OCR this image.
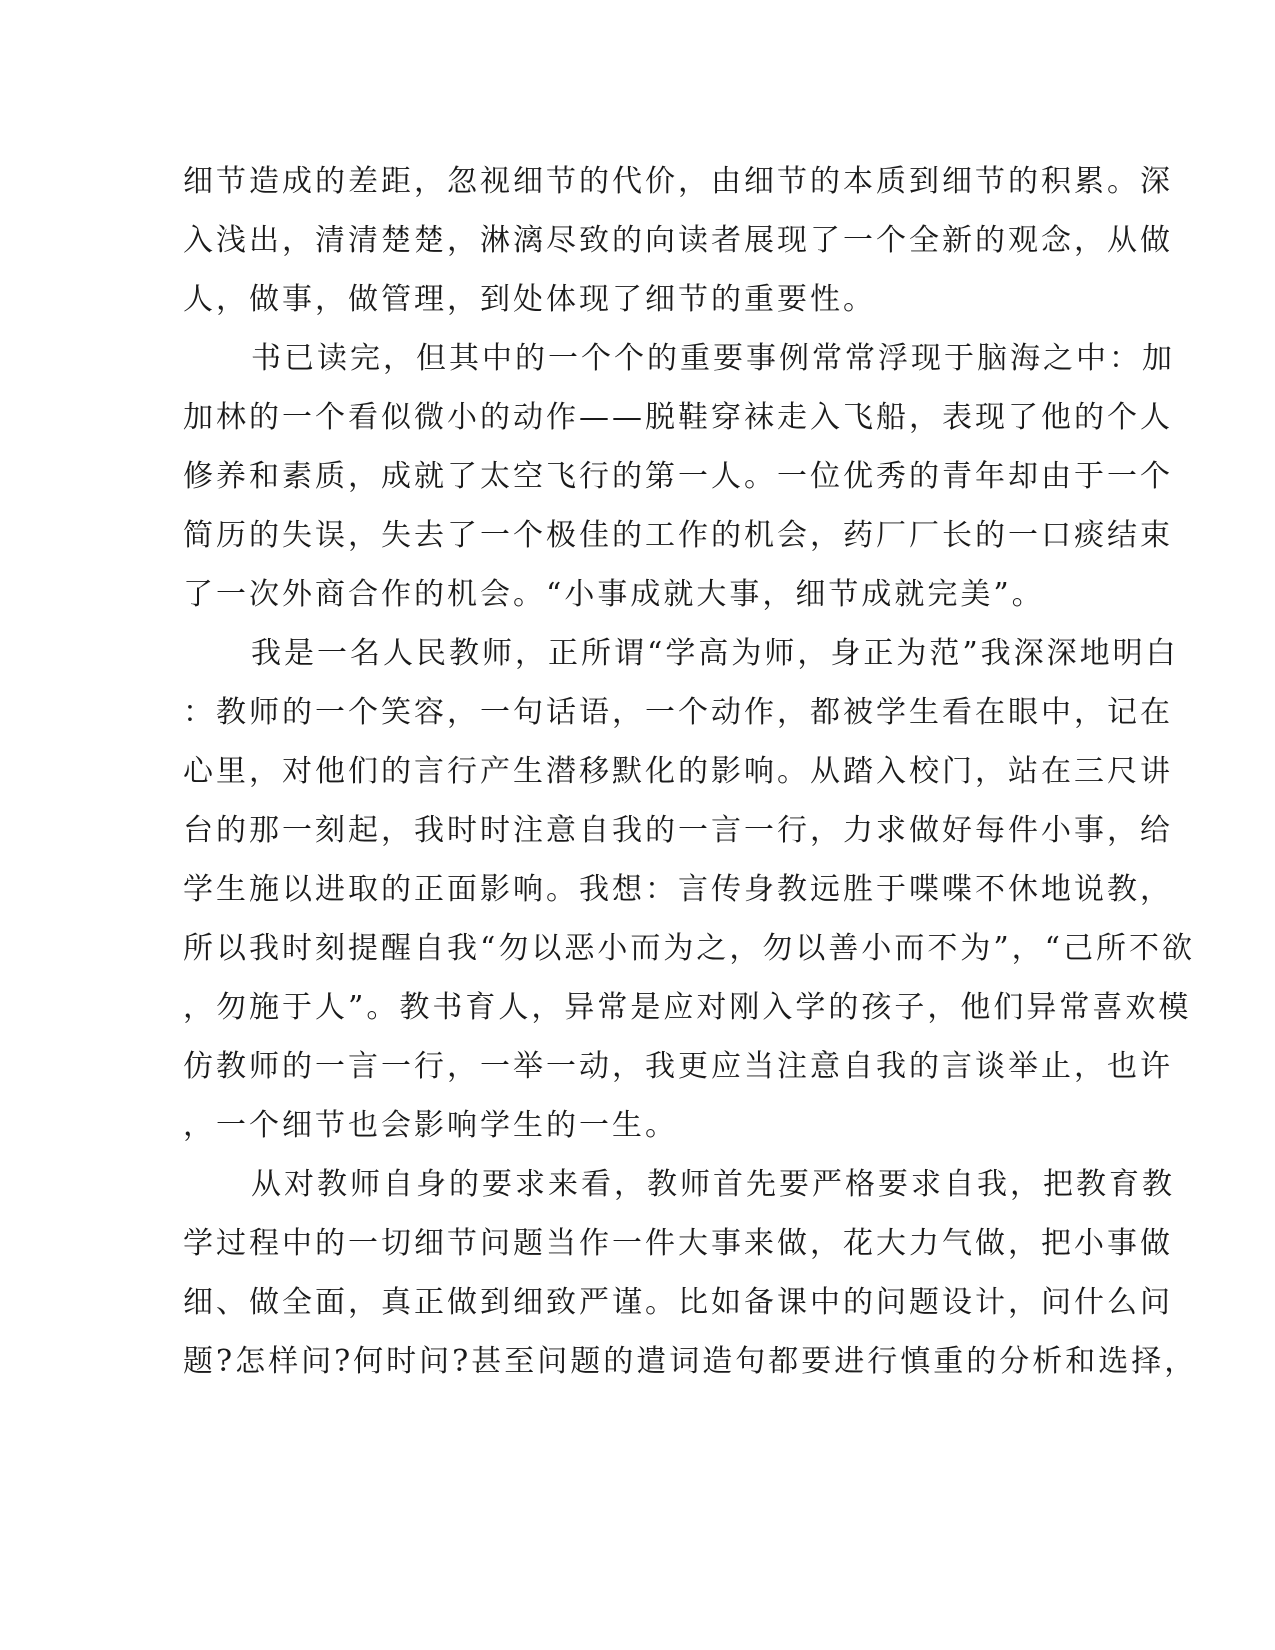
细节造成的差距，忽视细节的代价，由细节的本质到细节的积累。深
入浅出，清清楚楚，淋漓尽致的向读者展现了一个全新的观念，从做
人，做事，做管理，到处体现了细节的重要性。
书已读完，但其中的一个个的重要事例常常浮现于脑海之中：加
加林的一个看似微小的动作——脱鞋穿袜走入飞船，表现了他的个人
修养和素质，成就了太空飞行的第一人。一位优秀的青年却由于一个
简历的失误，失去了一个极佳的工作的机会，药厂厂长的一口痰结束
了一次外商合作的机会。“小事成就大事，细节成就完美”。
我是一名人民教师，正所谓“学高为师，身正为范”我深深地明白
：教师的一个笑容，一句话语，一个动作，都被学生看在眼中，记在
心里，对他们的言行产生潜移默化的影响。从踏入校门，站在三尺讲
台的那一刻起，我时时注意自我的一言一行，力求做好每件小事，给
学生施以进取的正面影响。我想：言传身教远胜于喋喋不休地说教，
所以我时刻提醒自我“勿以恶小而为之，勿以善小而不为”，“己所不欲
，勿施于人”。教书育人，异常是应对刚入学的孩子，他们异常喜欢模
仿教师的一言一行，一举一动，我更应当注意自我的言谈举止，也许
，一个细节也会影响学生的一生。
从对教师自身的要求来看，教师首先要严格要求自我，把教育教
学过程中的一切细节问题当作一件大事来做，花大力气做，把小事做
细、做全面，真正做到细致严谨。比如备课中的问题设计，问什么问
题?怎样问?何时问?甚至问题的遣词造句都要进行慎重的分析和选择，
